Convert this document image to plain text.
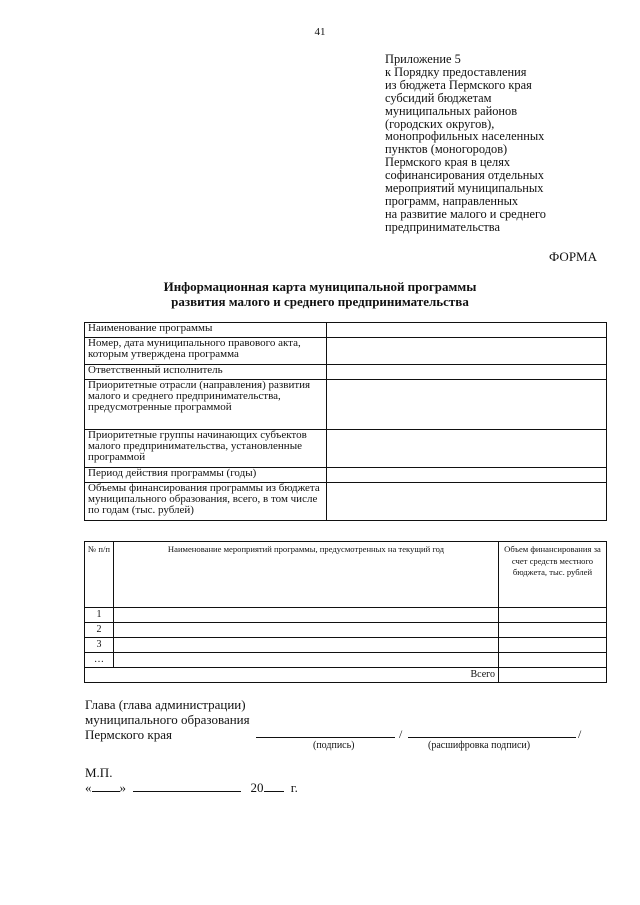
41
Приложение 5
к Порядку предоставления
из бюджета Пермского края
субсидий бюджетам
муниципальных районов
(городских округов),
монопрофильных населенных
пунктов (моногородов)
Пермского края в целях
софинансирования отдельных
мероприятий муниципальных
программ, направленных
на развитие малого и среднего
предпринимательства
ФОРМА
Информационная карта муниципальной программы
развития малого и среднего предпринимательства
Наименование программы	
Номер, дата муниципального правового акта, которым утверждена программа	
Ответственный исполнитель	
Приоритетные отрасли (направления) развития малого и среднего предпринимательства, предусмотренные программой	
Приоритетные группы начинающих субъектов малого предпринимательства, установленные программой	
Период действия программы (годы)	
Объемы финансирования программы из бюджета муниципального образования, всего, в том числе по годам (тыс. рублей)	
№ п/п	Наименование мероприятий программы, предусмотренных на текущий год	Объем финансирования за счет средств местного бюджета, тыс. рублей
1		
2		
3		
…		
Всего		
Глава (глава администрации)
муниципального образования
Пермского края	/	/
(подпись)	(расшифровка подписи)
М.П.
« »	20 г.
